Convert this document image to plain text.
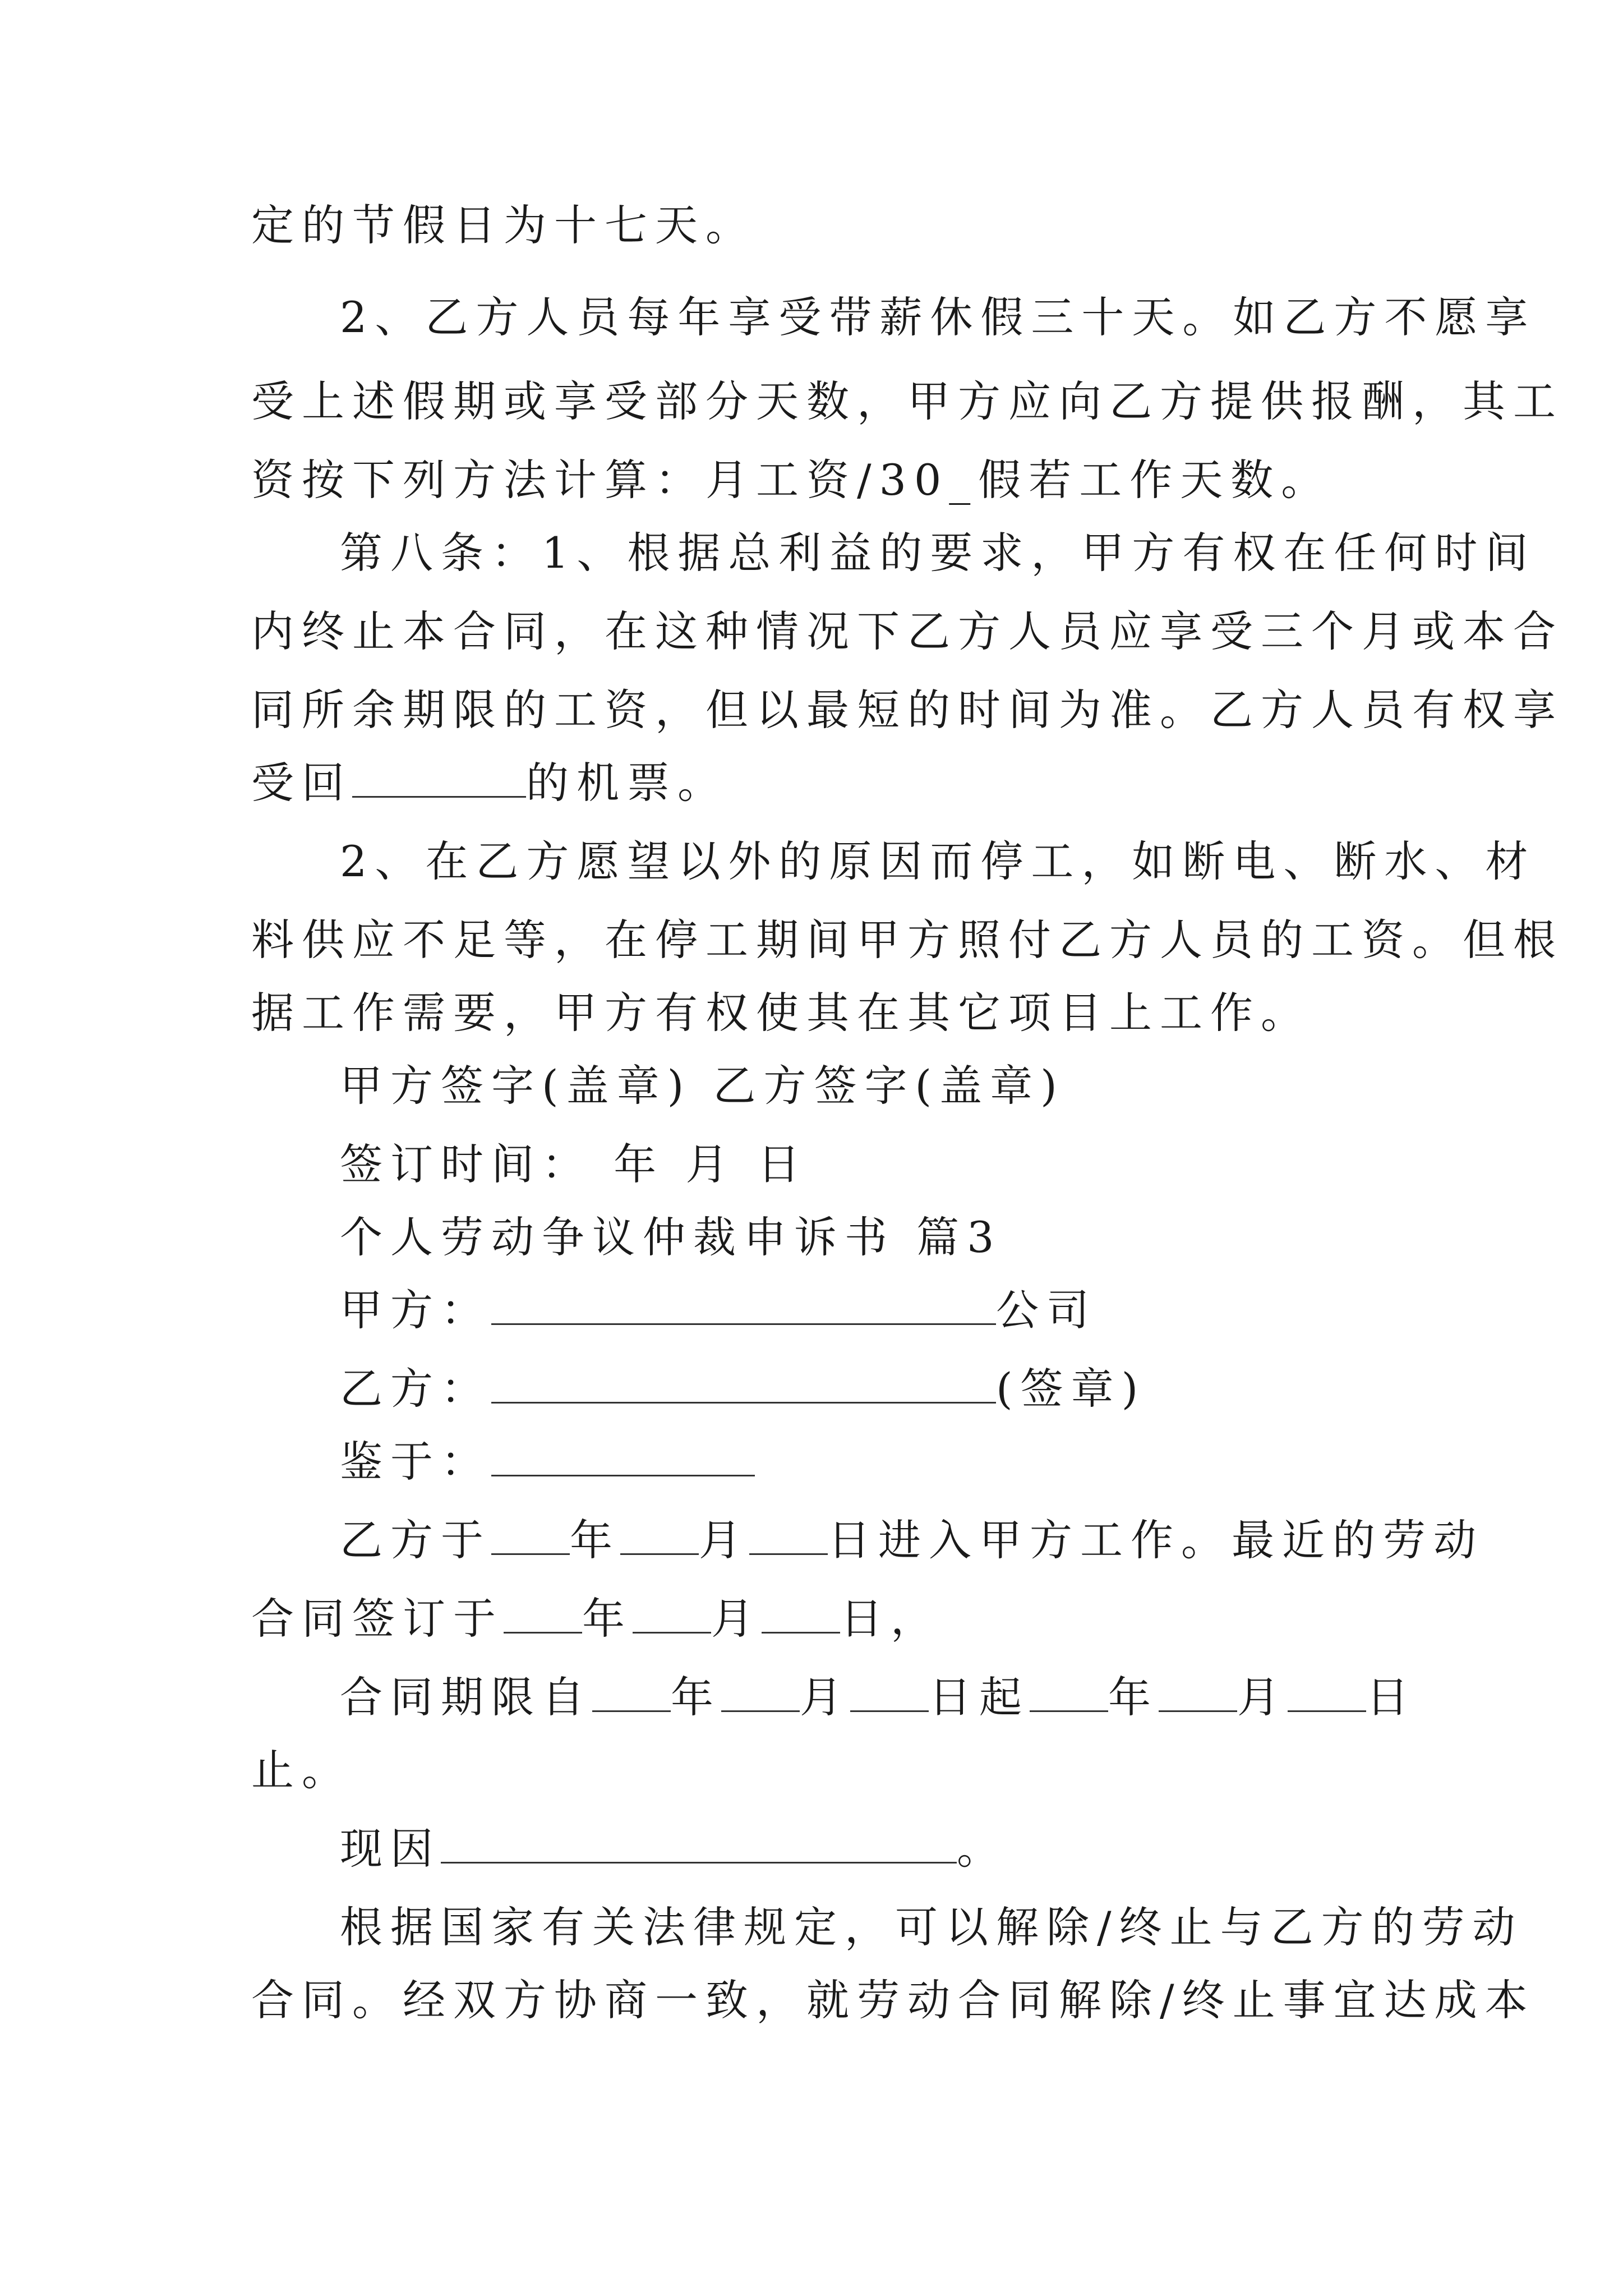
定的节假日为十七天。
2、乙方人员每年享受带薪休假三十天。如乙方不愿享
受上述假期或享受部分天数，甲方应向乙方提供报酬，其工
资按下列方法计算：月工资/30_假若工作天数。
第八条：1、根据总利益的要求，甲方有权在任何时间
内终止本合同，在这种情况下乙方人员应享受三个月或本合
同所余期限的工资，但以最短的时间为准。乙方人员有权享
受回	的机票。
2、在乙方愿望以外的原因而停工，如断电、断水、材
料供应不足等，在停工期间甲方照付乙方人员的工资。但根
据工作需要，甲方有权使其在其它项目上工作。
甲方签字(盖章) 乙方签字(盖章)
签订时间： 年 月 日
个人劳动争议仲裁申诉书 篇3
甲方：	公司
乙方：	(签章)
鉴于：
乙方于 年 月 日进入甲方工作。最近的劳动
合同签订于 年 月 日，
合同期限自 年 月 日起 年 月 日
止。
现因	。
根据国家有关法律规定，可以解除/终止与乙方的劳动
合同。经双方协商一致，就劳动合同解除/终止事宜达成本
